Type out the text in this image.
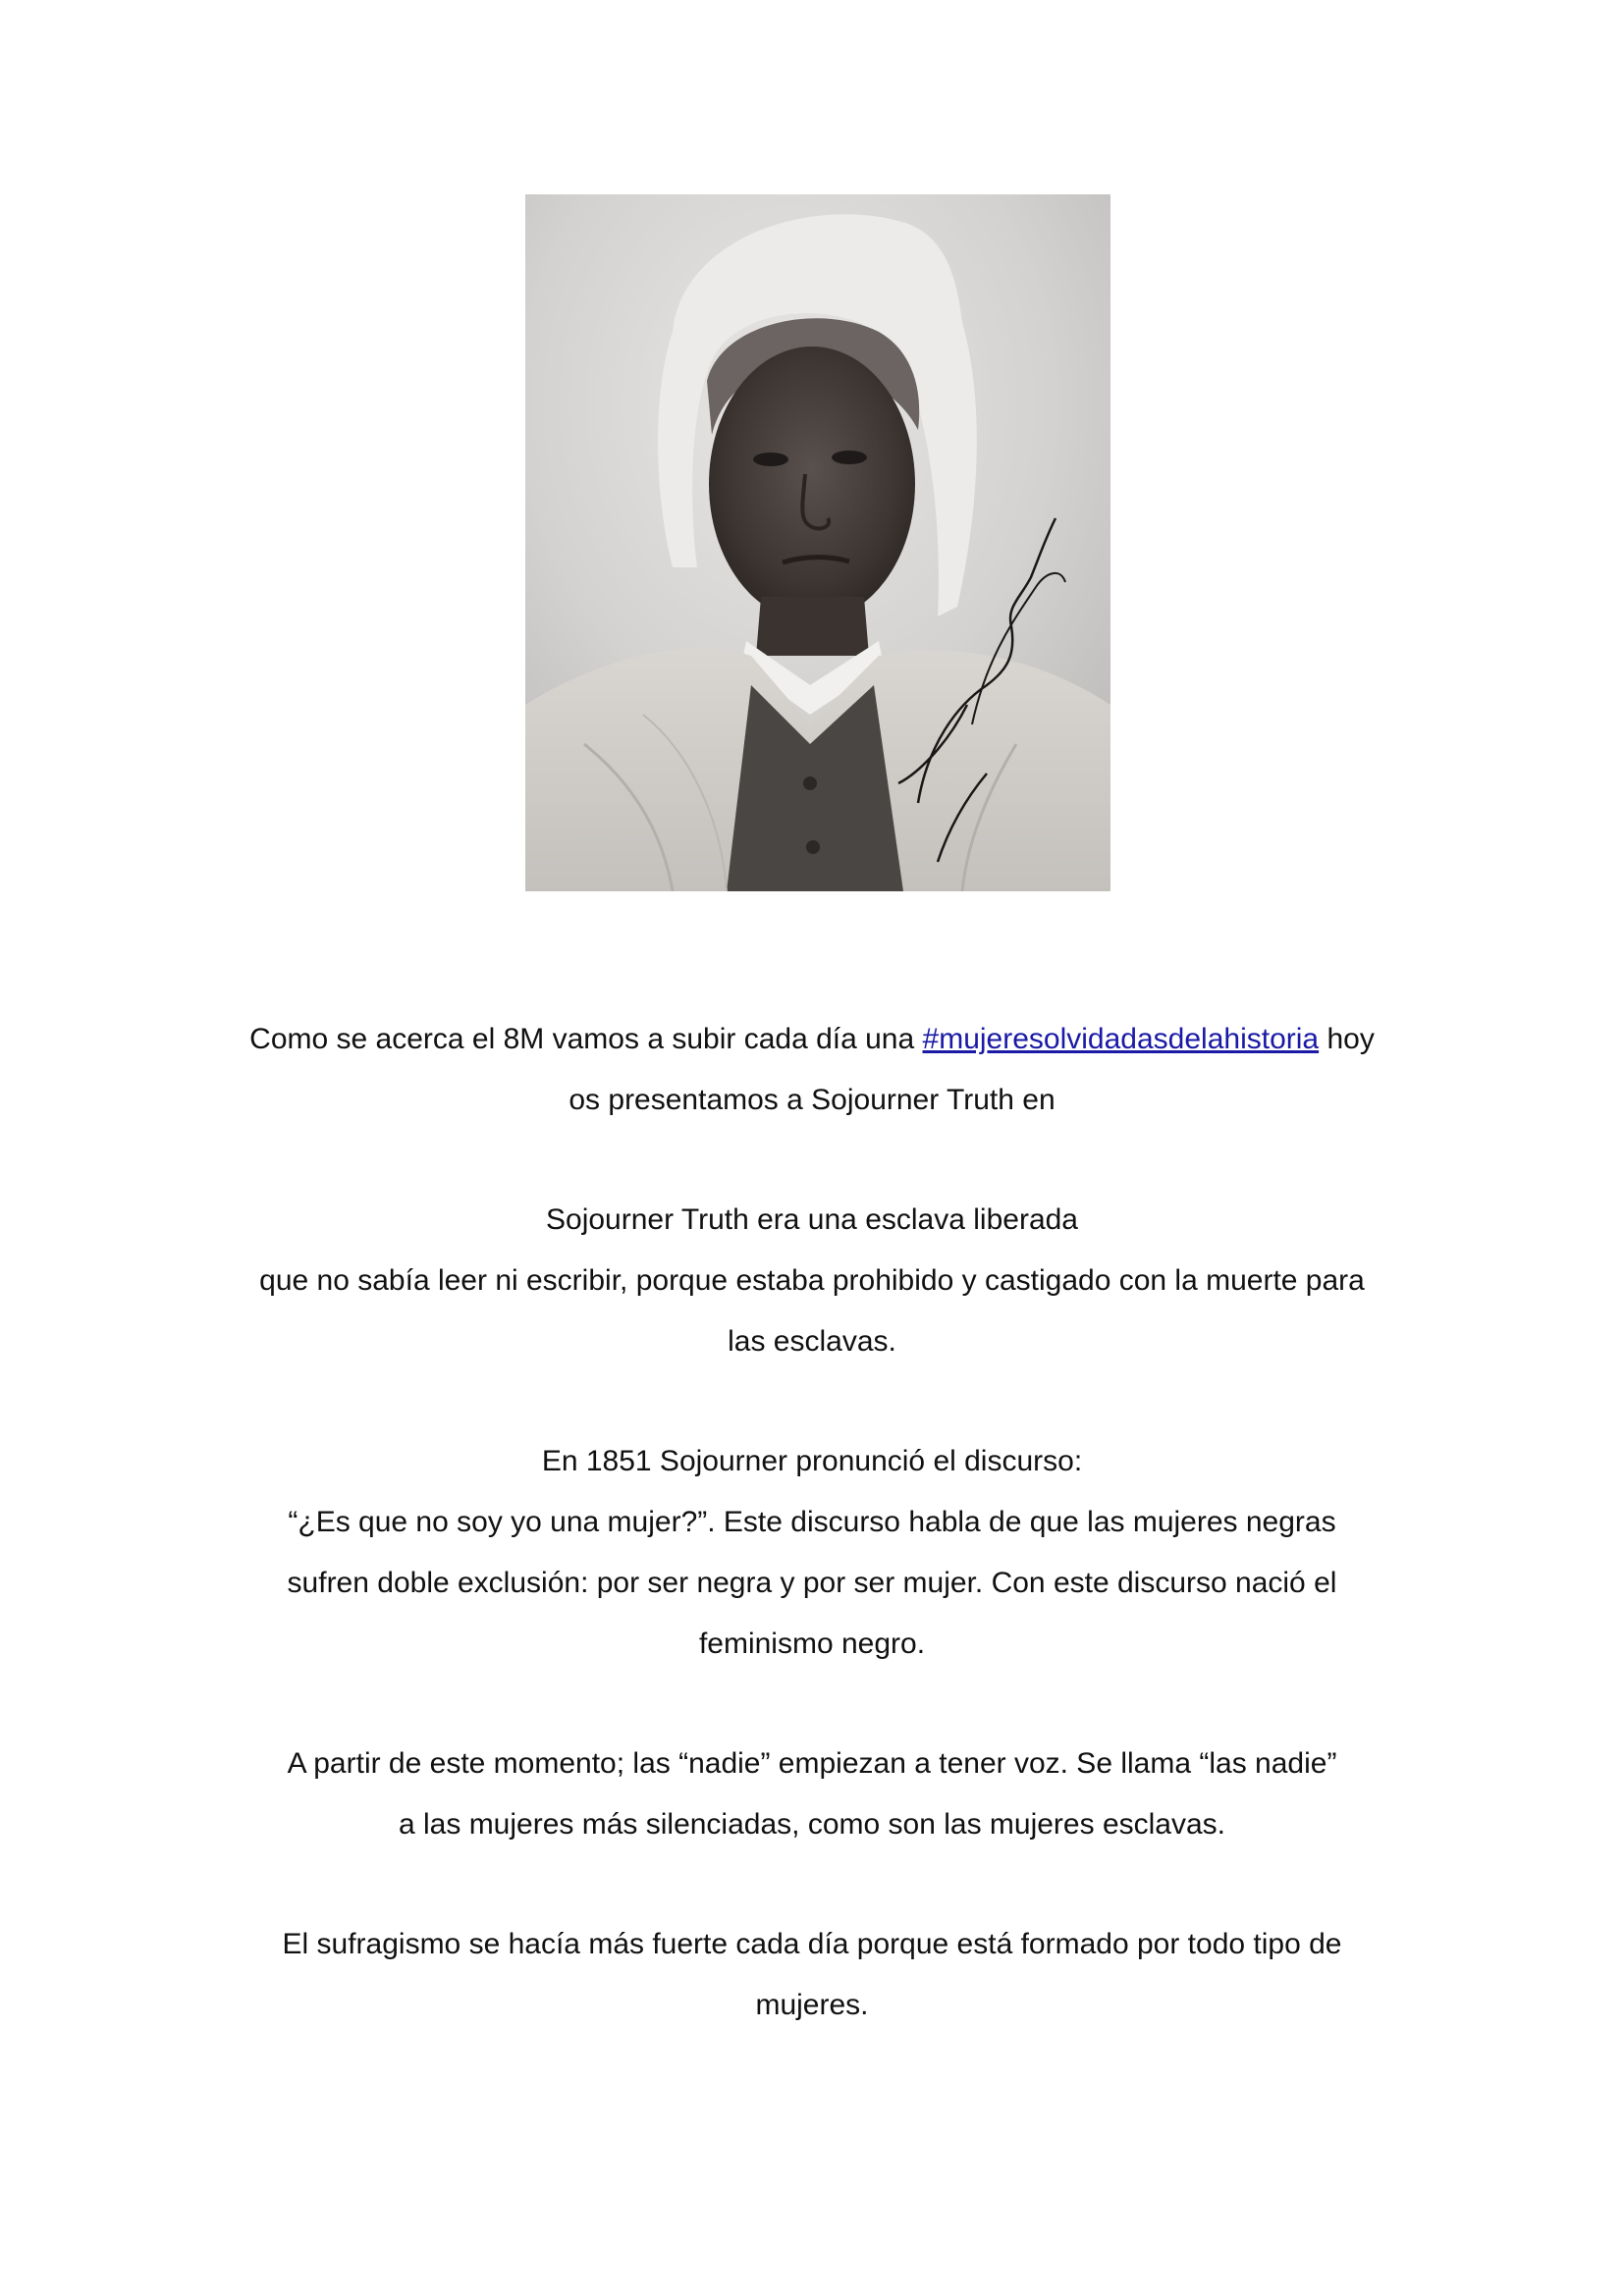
Como se acerca el 8M vamos a subir cada día una #mujeresolvidadasdelahistoria hoy
os presentamos a Sojourner Truth en
Sojourner Truth era una esclava liberada
que no sabía leer ni escribir, porque estaba prohibido y castigado con la muerte para
las esclavas.
En 1851 Sojourner pronunció el discurso:
“¿Es que no soy yo una mujer?”. Este discurso habla de que las mujeres negras
sufren doble exclusión: por ser negra y por ser mujer. Con este discurso nació el
feminismo negro.
A partir de este momento; las “nadie” empiezan a tener voz. Se llama “las nadie”
a las mujeres más silenciadas, como son las mujeres esclavas.
El sufragismo se hacía más fuerte cada día porque está formado por todo tipo de
mujeres.
